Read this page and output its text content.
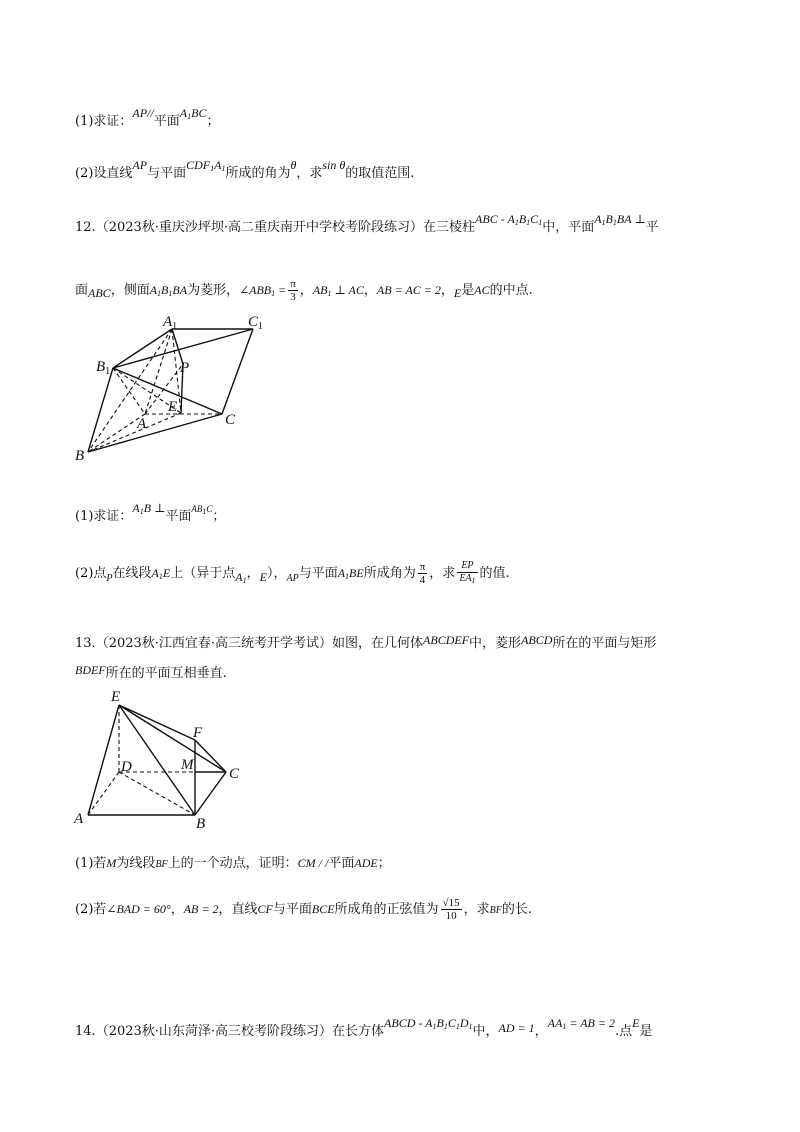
(1)求证：AP//平面$A_1BC$；
(2)设直线AP与平面$CDF_1A_1$所成的角为θ，求sin θ的取值范围.
12.（2023秋·重庆沙坪坝·高二重庆南开中学校考阶段练习）在三棱柱ABC - $A_1B_1C_1$中，平面$A_1B_1BA$ ⊥平
面ABC，侧面$A_1B_1BA$为菱形，$\angle ABB_1 = \frac{\pi}{3}$ ，$AB_1$ ⊥ AC，AB = AC = 2，E是AC的中点.
$A_1$	$C_1$
$B_1$	P
E
A	C
B
(1)求证：$A_1B$ ⊥平面$^{AB1C}$；
(2)点$_P$在线段$A_1E$上（异于点$A_1$，E），$_{AP}$与平面$A_1BE$所成角为 $\frac{\pi}{4}$ ，求 $\frac{EP}{EA_1}$ 的值.
13.（2023秋·江西宜春·高三统考开学考试）如图，在几何体ABCDEF中，菱形ABCD所在的平面与矩形
BDEF所在的平面互相垂直.
E
F
D	M
C
A	B
(1)若M为线段BF上的一个动点，证明：CM / /平面ADE；
(2)若∠BAD = 60°，AB = 2，直线CF与平面BCE所成角的正弦值为 $\frac{√15}{10}$ ，求BF的长.
14.（2023秋·山东菏泽·高三校考阶段练习）在长方体ABCD - $A_1B_1C_1D_1$中，AD = 1，$AA_1$ = AB = 2.点E是
